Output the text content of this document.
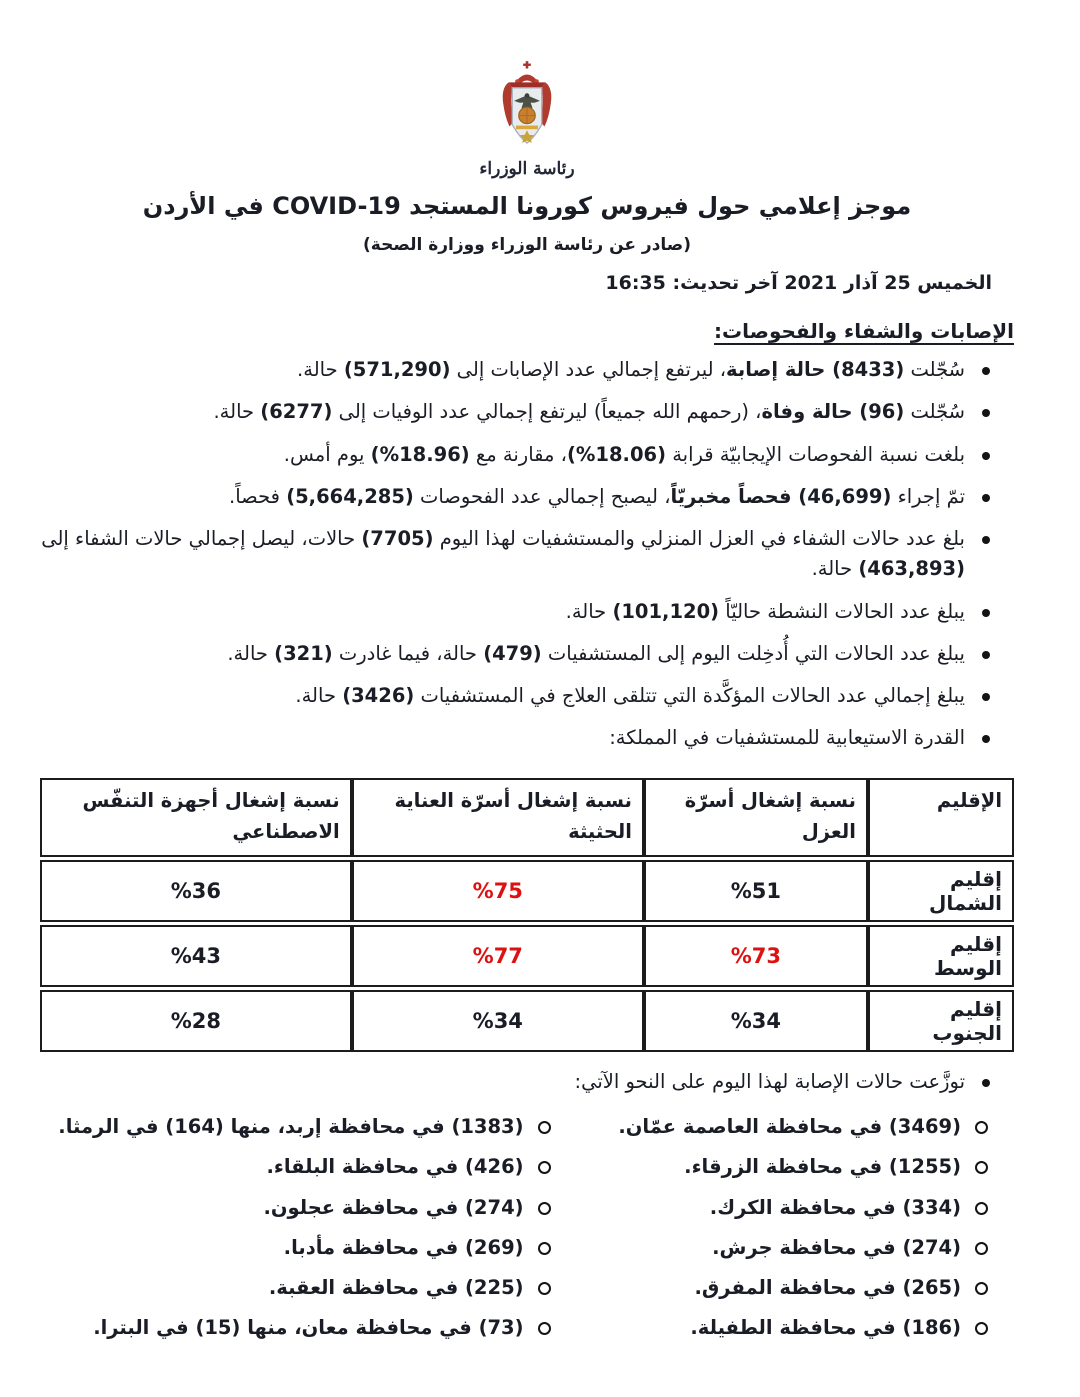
رئاسة الوزراء
موجز إعلامي حول فيروس كورونا المستجد COVID-19 في الأردن
(صادر عن رئاسة الوزراء ووزارة الصحة)
الخميس 25 آذار 2021 آخر تحديث: 16:35
الإصابات والشفاء والفحوصات:
سُجّلت (8433) حالة إصابة، ليرتفع إجمالي عدد الإصابات إلى (571,290) حالة.
سُجّلت (96) حالة وفاة، (رحمهم الله جميعاً) ليرتفع إجمالي عدد الوفيات إلى (6277) حالة.
بلغت نسبة الفحوصات الإيجابيّة قرابة (%18.06)، مقارنة مع (%18.96) يوم أمس.
تمّ إجراء (46,699) فحصاً مخبريّاً، ليصبح إجمالي عدد الفحوصات (5,664,285) فحصاً.
بلغ عدد حالات الشفاء في العزل المنزلي والمستشفيات لهذا اليوم (7705) حالات، ليصل إجمالي حالات الشفاء إلى (463,893) حالة.
يبلغ عدد الحالات النشطة حاليّاً (101,120) حالة.
يبلغ عدد الحالات التي أُدخِلت اليوم إلى المستشفيات (479) حالة، فيما غادرت (321) حالة.
يبلغ إجمالي عدد الحالات المؤكَّدة التي تتلقى العلاج في المستشفيات (3426) حالة.
القدرة الاستيعابية للمستشفيات في المملكة:
الإقليم	نسبة إشغال أسرّة العزل	نسبة إشغال أسرّة العناية الحثيثة	نسبة إشغال أجهزة التنفّس الاصطناعي
إقليم الشمال	%51	%75	%36
إقليم الوسط	%73	%77	%43
إقليم الجنوب	%34	%34	%28
توزَّعت حالات الإصابة لهذا اليوم على النحو الآتي:
(3469) في محافظة العاصمة عمّان.
(1255) في محافظة الزرقاء.
(334) في محافظة الكرك.
(274) في محافظة جرش.
(265) في محافظة المفرق.
(186) في محافظة الطفيلة.
(1383) في محافظة إربد، منها (164) في الرمثا.
(426) في محافظة البلقاء.
(274) في محافظة عجلون.
(269) في محافظة مأدبا.
(225) في محافظة العقبة.
(73) في محافظة معان، منها (15) في البترا.
